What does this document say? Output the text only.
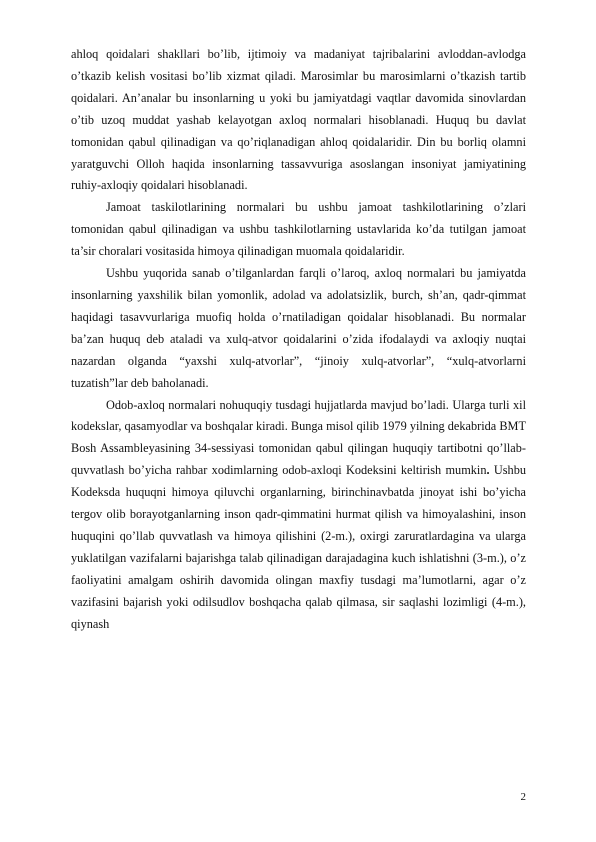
ahloq qoidalari shakllari bo’lib, ijtimoiy va madaniyat tajribalarini avloddan-avlodga o’tkazib kelish vositasi bo’lib xizmat qiladi. Marosimlar bu marosimlarni o’tkazish tartib qoidalari. An’analar bu insonlarning u yoki bu jamiyatdagi vaqtlar davomida sinovlardan o’tib uzoq muddat yashab kelayotgan axloq normalari hisoblanadi. Huquq bu davlat tomonidan qabul qilinadigan va qo’riqlanadigan ahloq qoidalaridir. Din bu borliq olamni yaratguvchi Olloh haqida insonlarning tassavvuriga asoslangan insoniyat jamiyatining ruhiy-axloqiy qoidalari hisoblanadi.

Jamoat taskilotlarining normalari bu ushbu jamoat tashkilotlarining o’zlari tomonidan qabul qilinadigan va ushbu tashkilotlarning ustavlarida ko’da tutilgan jamoat ta’sir choralari vositasida himoya qilinadigan muomala qoidalaridir.

Ushbu yuqorida sanab o’tilganlardan farqli o’laroq, axloq normalari bu jamiyatda insonlarning yaxshilik bilan yomonlik, adolad va adolatsizlik, burch, sh’an, qadr-qimmat haqidagi tasavvurlariga muofiq holda o’rnatiladigan qoidalar hisoblanadi. Bu normalar ba’zan huquq deb ataladi va xulq-atvor qoidalarini o’zida ifodalaydi va axloqiy nuqtai nazardan olganda “yaxshi xulq-atvorlar”, “jinoiy xulq-atvorlar”, “xulq-atvorlarni tuzatish”lar deb baholanadi.

Odob-axloq normalari nohuquqiy tusdagi hujjatlarda mavjud bo’ladi. Ularga turli xil kodekslar, qasamyodlar va boshqalar kiradi. Bunga misol qilib 1979 yilning dekabrida BMT Bosh Assambleyasining 34-sessiyasi tomonidan qabul qilingan huquqiy tartibotni qo’llab-quvvatlash bo’yicha rahbar xodimlarning odob-axloqi Kodeksini keltirish mumkin. Ushbu Kodeksda huquqni himoya qiluvchi organlarning, birinchinavbatda jinoyat ishi bo’yicha tergov olib borayotganlarning inson qadr-qimmatini hurmat qilish va himoyalashini, inson huquqini qo’llab quvvatlash va himoya qilishini (2-m.), oxirgi zaruratlardagina va ularga yuklatilgan vazifalarni bajarishga talab qilinadigan darajadagina kuch ishlatishni (3-m.), o’z faoliyatini amalgam oshirih davomida olingan maxfiy tusdagi ma’lumotlarni, agar o’z vazifasini bajarish yoki odilsudlov boshqacha qalab qilmasa, sir saqlashi lozimligi (4-m.), qiynash

2
